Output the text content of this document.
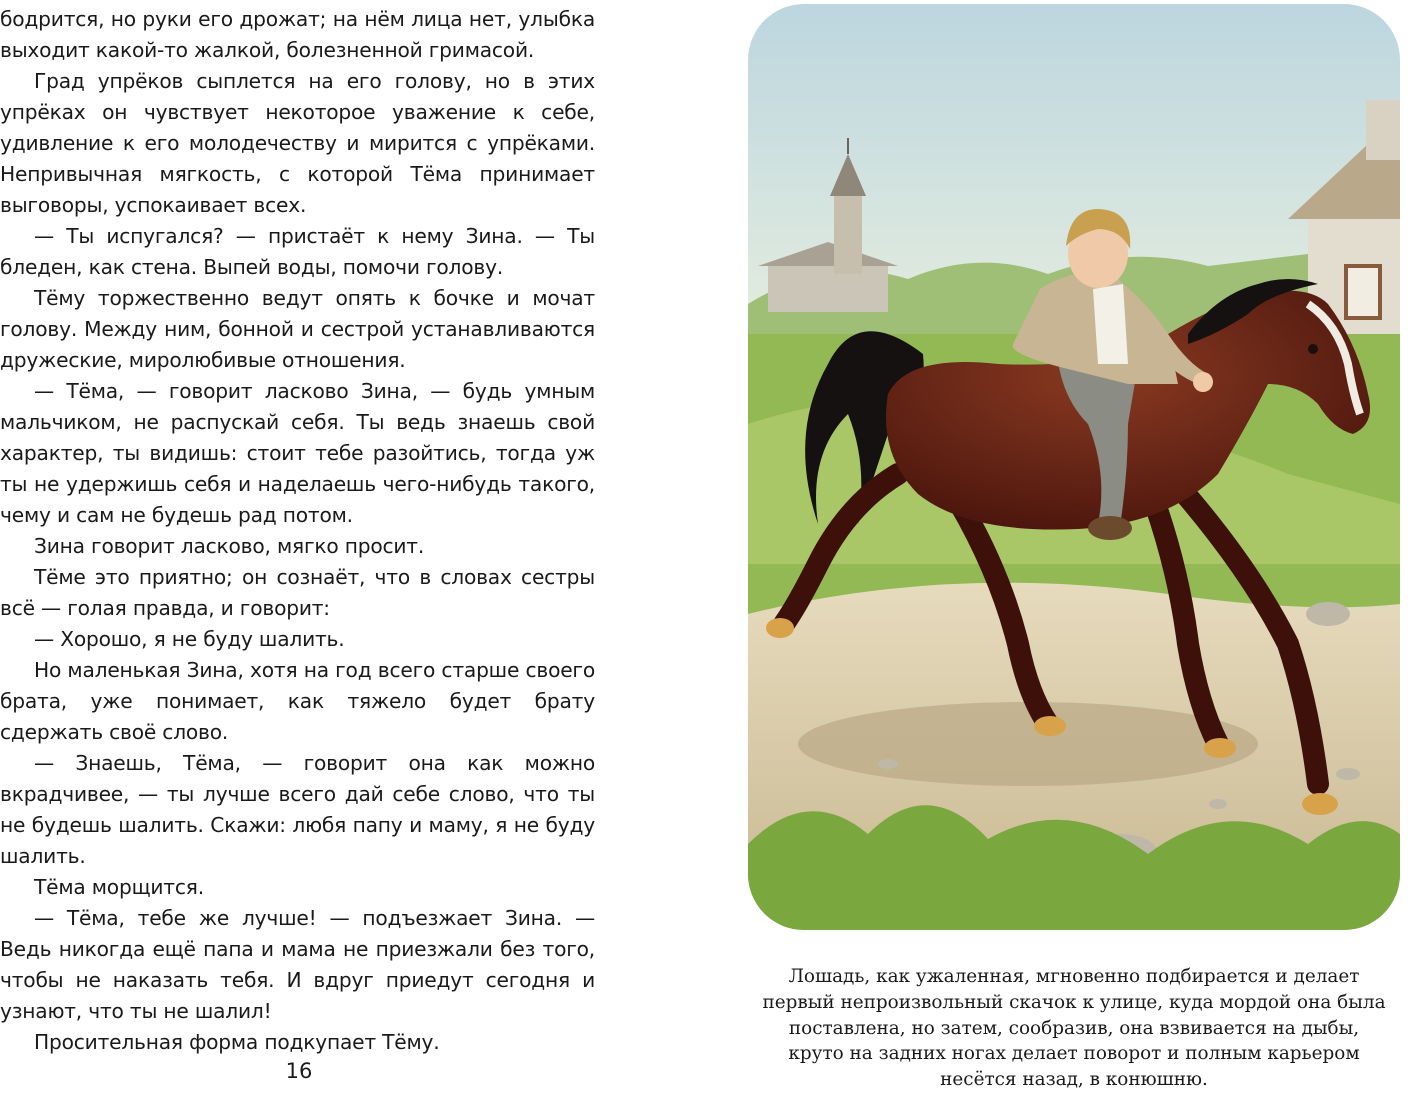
бодрится, но руки его дрожат; на нём лица нет, улыбка выходит какой-то жалкой, болезненной гримасой.

Град упрёков сыплется на его голову, но в этих упрёках он чувствует некоторое уважение к себе, удивление к его молодечеству и мирится с упрёками. Непривычная мягкость, с которой Тёма принимает выговоры, успокаивает всех.

— Ты испугался? — пристаёт к нему Зина. — Ты бледен, как стена. Выпей воды, помочи голову.

Тёму торжественно ведут опять к бочке и мочат голову. Между ним, бонной и сестрой устанавливаются дружеские, миролюбивые отношения.

— Тёма, — говорит ласково Зина, — будь умным мальчиком, не распускай себя. Ты ведь знаешь свой характер, ты видишь: стоит тебе разойтись, тогда уж ты не удержишь себя и наделаешь чего-нибудь такого, чему и сам не будешь рад потом.

Зина говорит ласково, мягко просит.

Тёме это приятно; он сознаёт, что в словах сестры всё — голая правда, и говорит:

— Хорошо, я не буду шалить.

Но маленькая Зина, хотя на год всего старше своего брата, уже понимает, как тяжело будет брату сдержать своё слово.

— Знаешь, Тёма, — говорит она как можно вкрадчивее, — ты лучше всего дай себе слово, что ты не будешь шалить. Скажи: любя папу и маму, я не буду шалить.

Тёма морщится.

— Тёма, тебе же лучше! — подъезжает Зина. — Ведь никогда ещё папа и мама не приезжали без того, чтобы не наказать тебя. И вдруг приедут сегодня и узнают, что ты не шалил!

Просительная форма подкупает Тёму.

16
Лошадь, как ужаленная, мгновенно подбирается и делает
первый непроизвольный скачок к улице, куда мордой она была
поставлена, но затем, сообразив, она взвивается на дыбы,
круто на задних ногах делает поворот и полным карьером
несётся назад, в конюшню.
